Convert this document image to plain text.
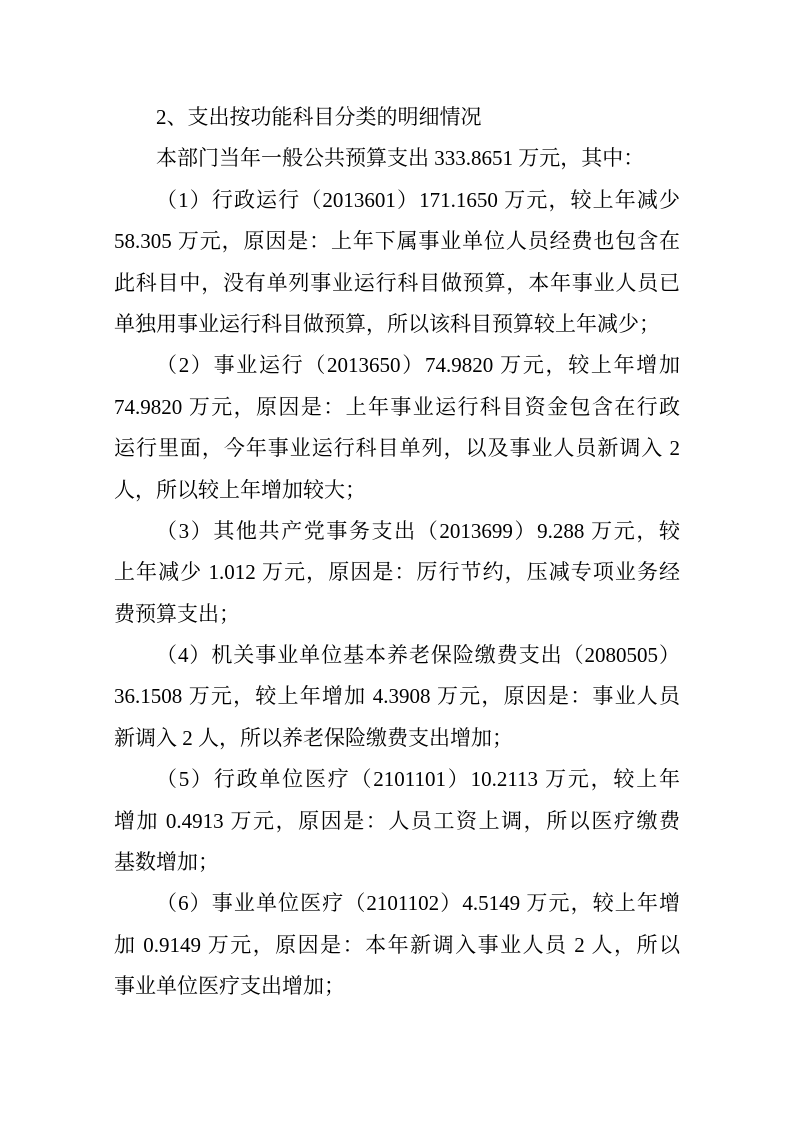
2、支出按功能科目分类的明细情况
本部门当年一般公共预算支出 333.8651 万元，其中：
（1）行政运行（2013601）171.1650 万元，较上年减少
58.305 万元，原因是：上年下属事业单位人员经费也包含在
此科目中，没有单列事业运行科目做预算，本年事业人员已
单独用事业运行科目做预算，所以该科目预算较上年减少；
（2）事业运行（2013650）74.9820 万元，较上年增加
74.9820 万元，原因是：上年事业运行科目资金包含在行政
运行里面，今年事业运行科目单列，以及事业人员新调入 2
人，所以较上年增加较大；
（3）其他共产党事务支出（2013699）9.288 万元，较
上年减少 1.012 万元，原因是：厉行节约，压减专项业务经
费预算支出；
（4）机关事业单位基本养老保险缴费支出（2080505）
36.1508 万元，较上年增加 4.3908 万元，原因是：事业人员
新调入 2 人，所以养老保险缴费支出增加；
（5）行政单位医疗（2101101）10.2113 万元，较上年
增加 0.4913 万元，原因是：人员工资上调，所以医疗缴费
基数增加；
（6）事业单位医疗（2101102）4.5149 万元，较上年增
加 0.9149 万元，原因是：本年新调入事业人员 2 人，所以
事业单位医疗支出增加；
